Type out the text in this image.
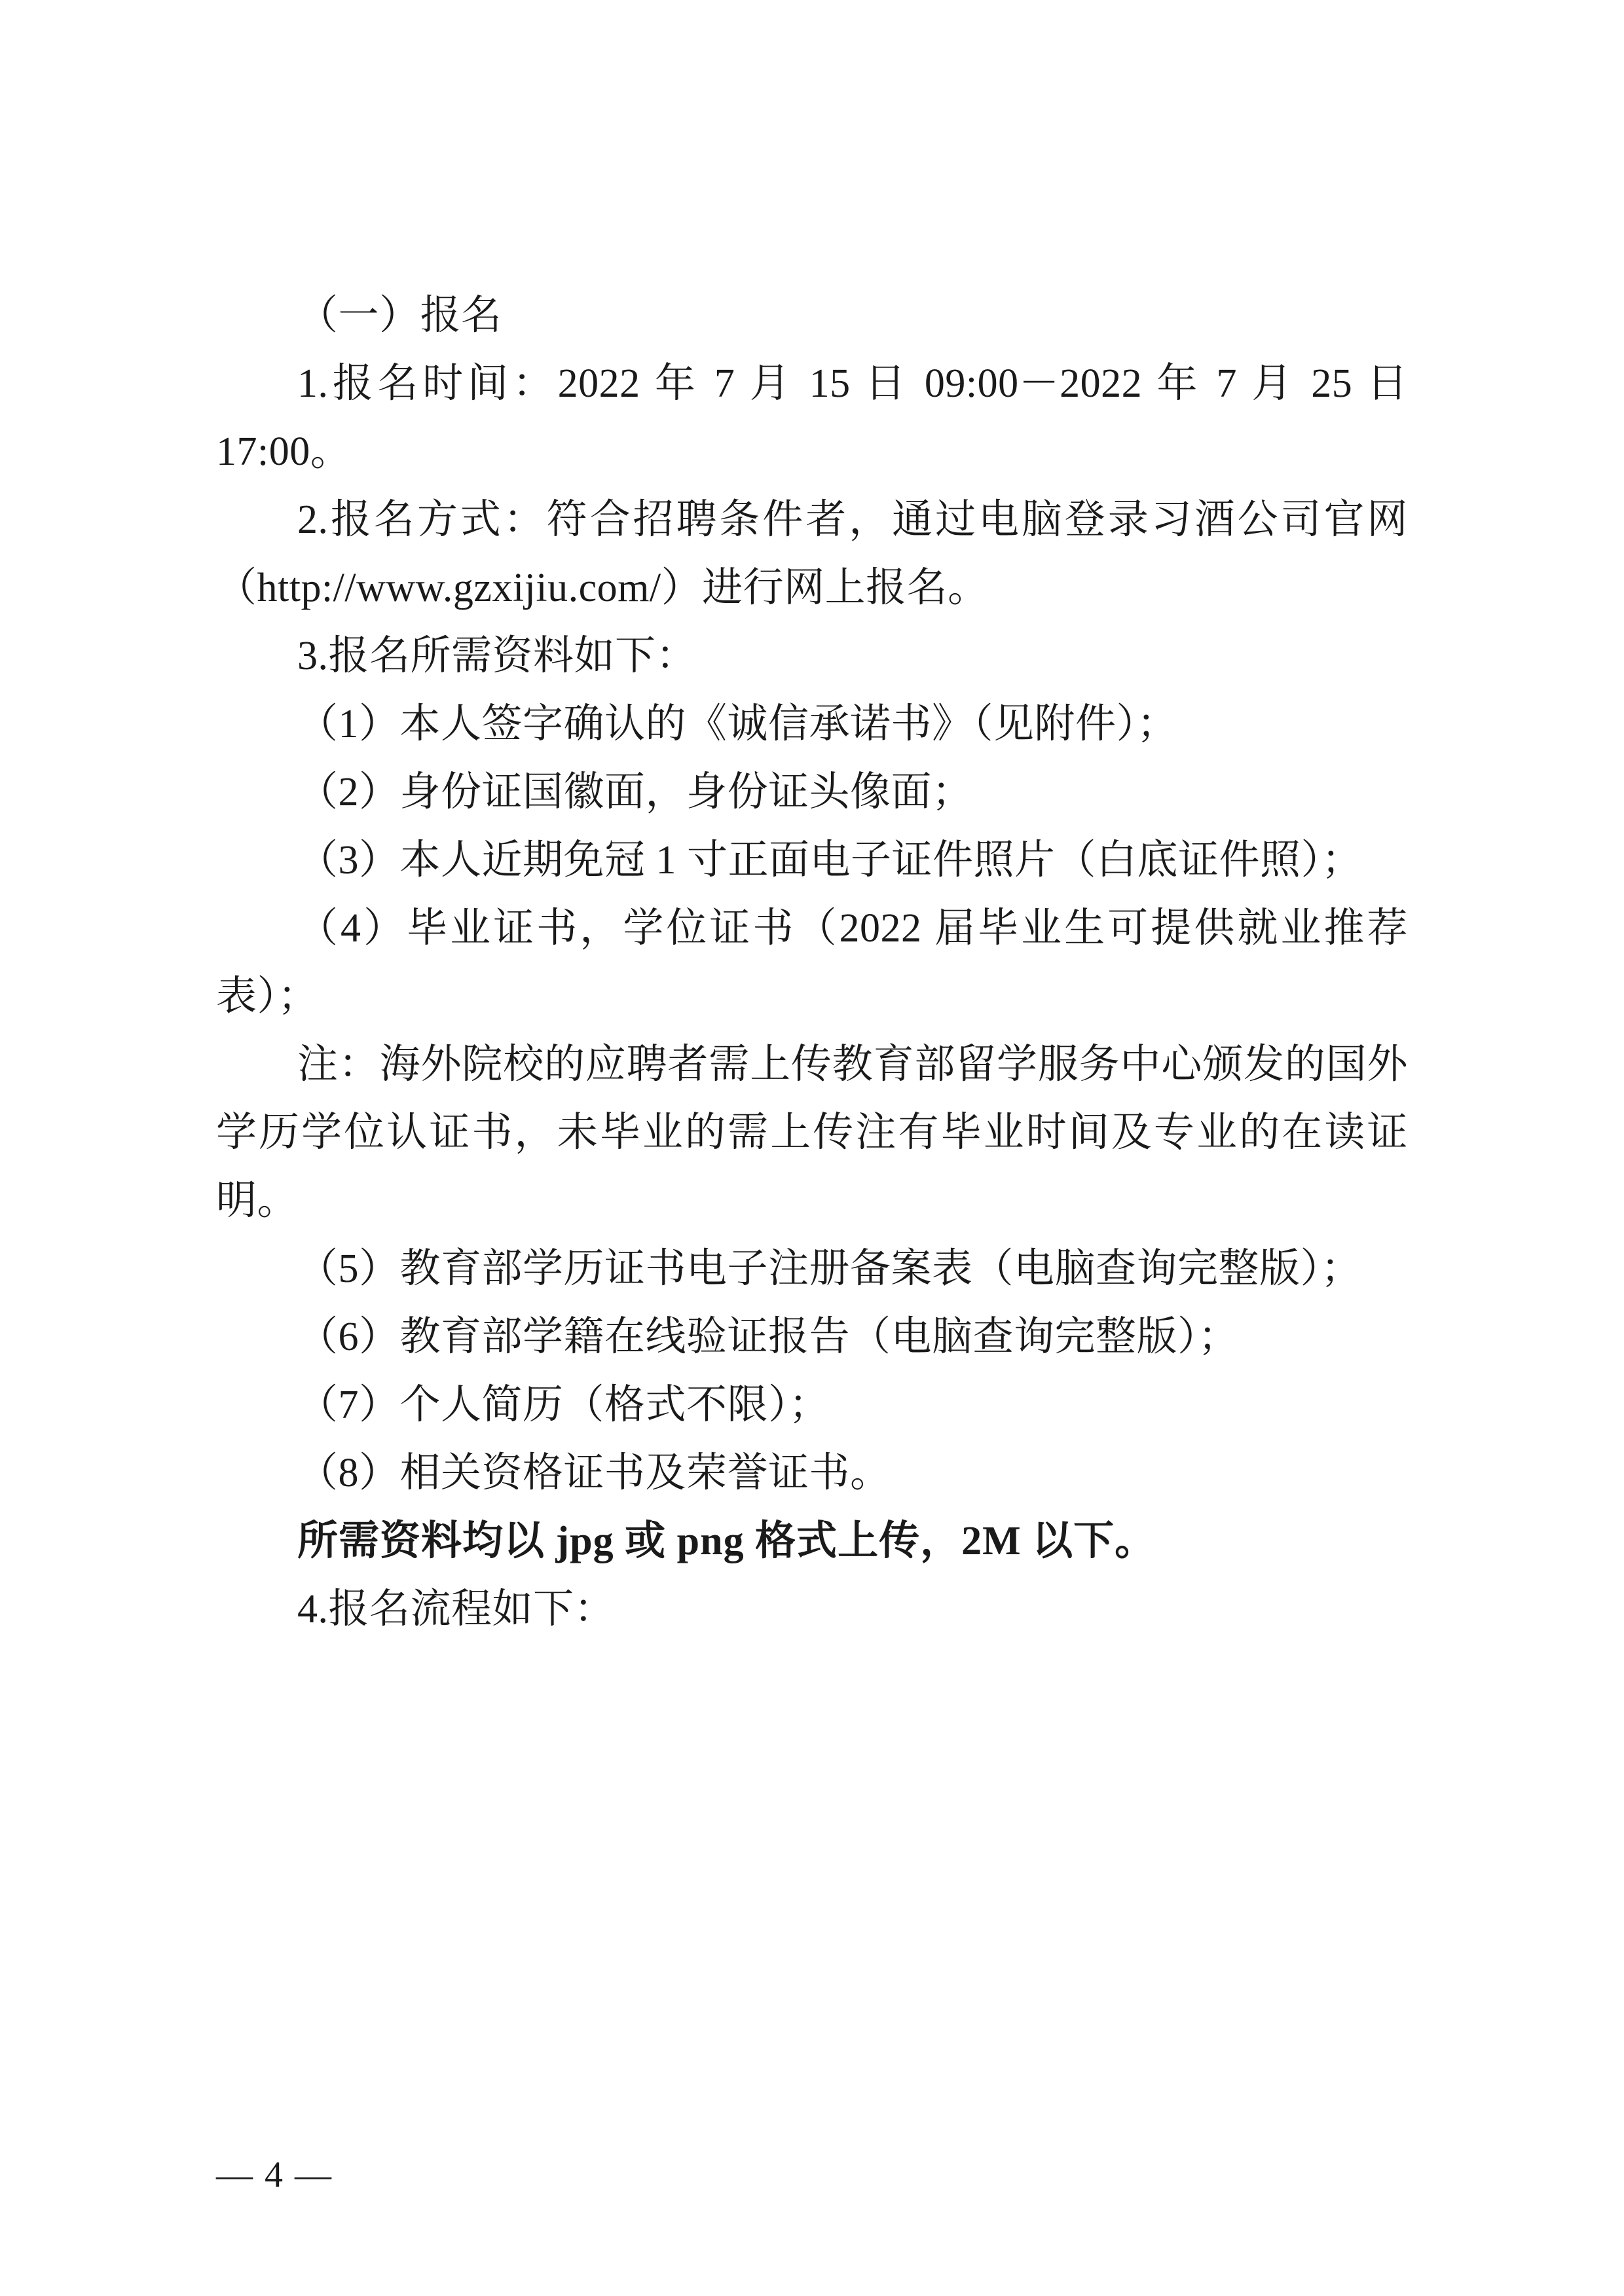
（一）报名

1.报名时间：2022 年 7 月 15 日 09:00－2022 年 7 月 25 日 17:00。

2.报名方式：符合招聘条件者，通过电脑登录习酒公司官网（http://www.gzxijiu.com/）进行网上报名。

3.报名所需资料如下：

（1）本人签字确认的《诚信承诺书》（见附件）；

（2）身份证国徽面，身份证头像面；

（3）本人近期免冠 1 寸正面电子证件照片（白底证件照）；

（4）毕业证书，学位证书（2022 届毕业生可提供就业推荐表）；

注：海外院校的应聘者需上传教育部留学服务中心颁发的国外学历学位认证书，未毕业的需上传注有毕业时间及专业的在读证明。

（5）教育部学历证书电子注册备案表（电脑查询完整版）；

（6）教育部学籍在线验证报告（电脑查询完整版）；

（7）个人简历（格式不限）；

（8）相关资格证书及荣誉证书。

所需资料均以 jpg 或 png 格式上传，2M 以下。

4.报名流程如下：

— 4 —
